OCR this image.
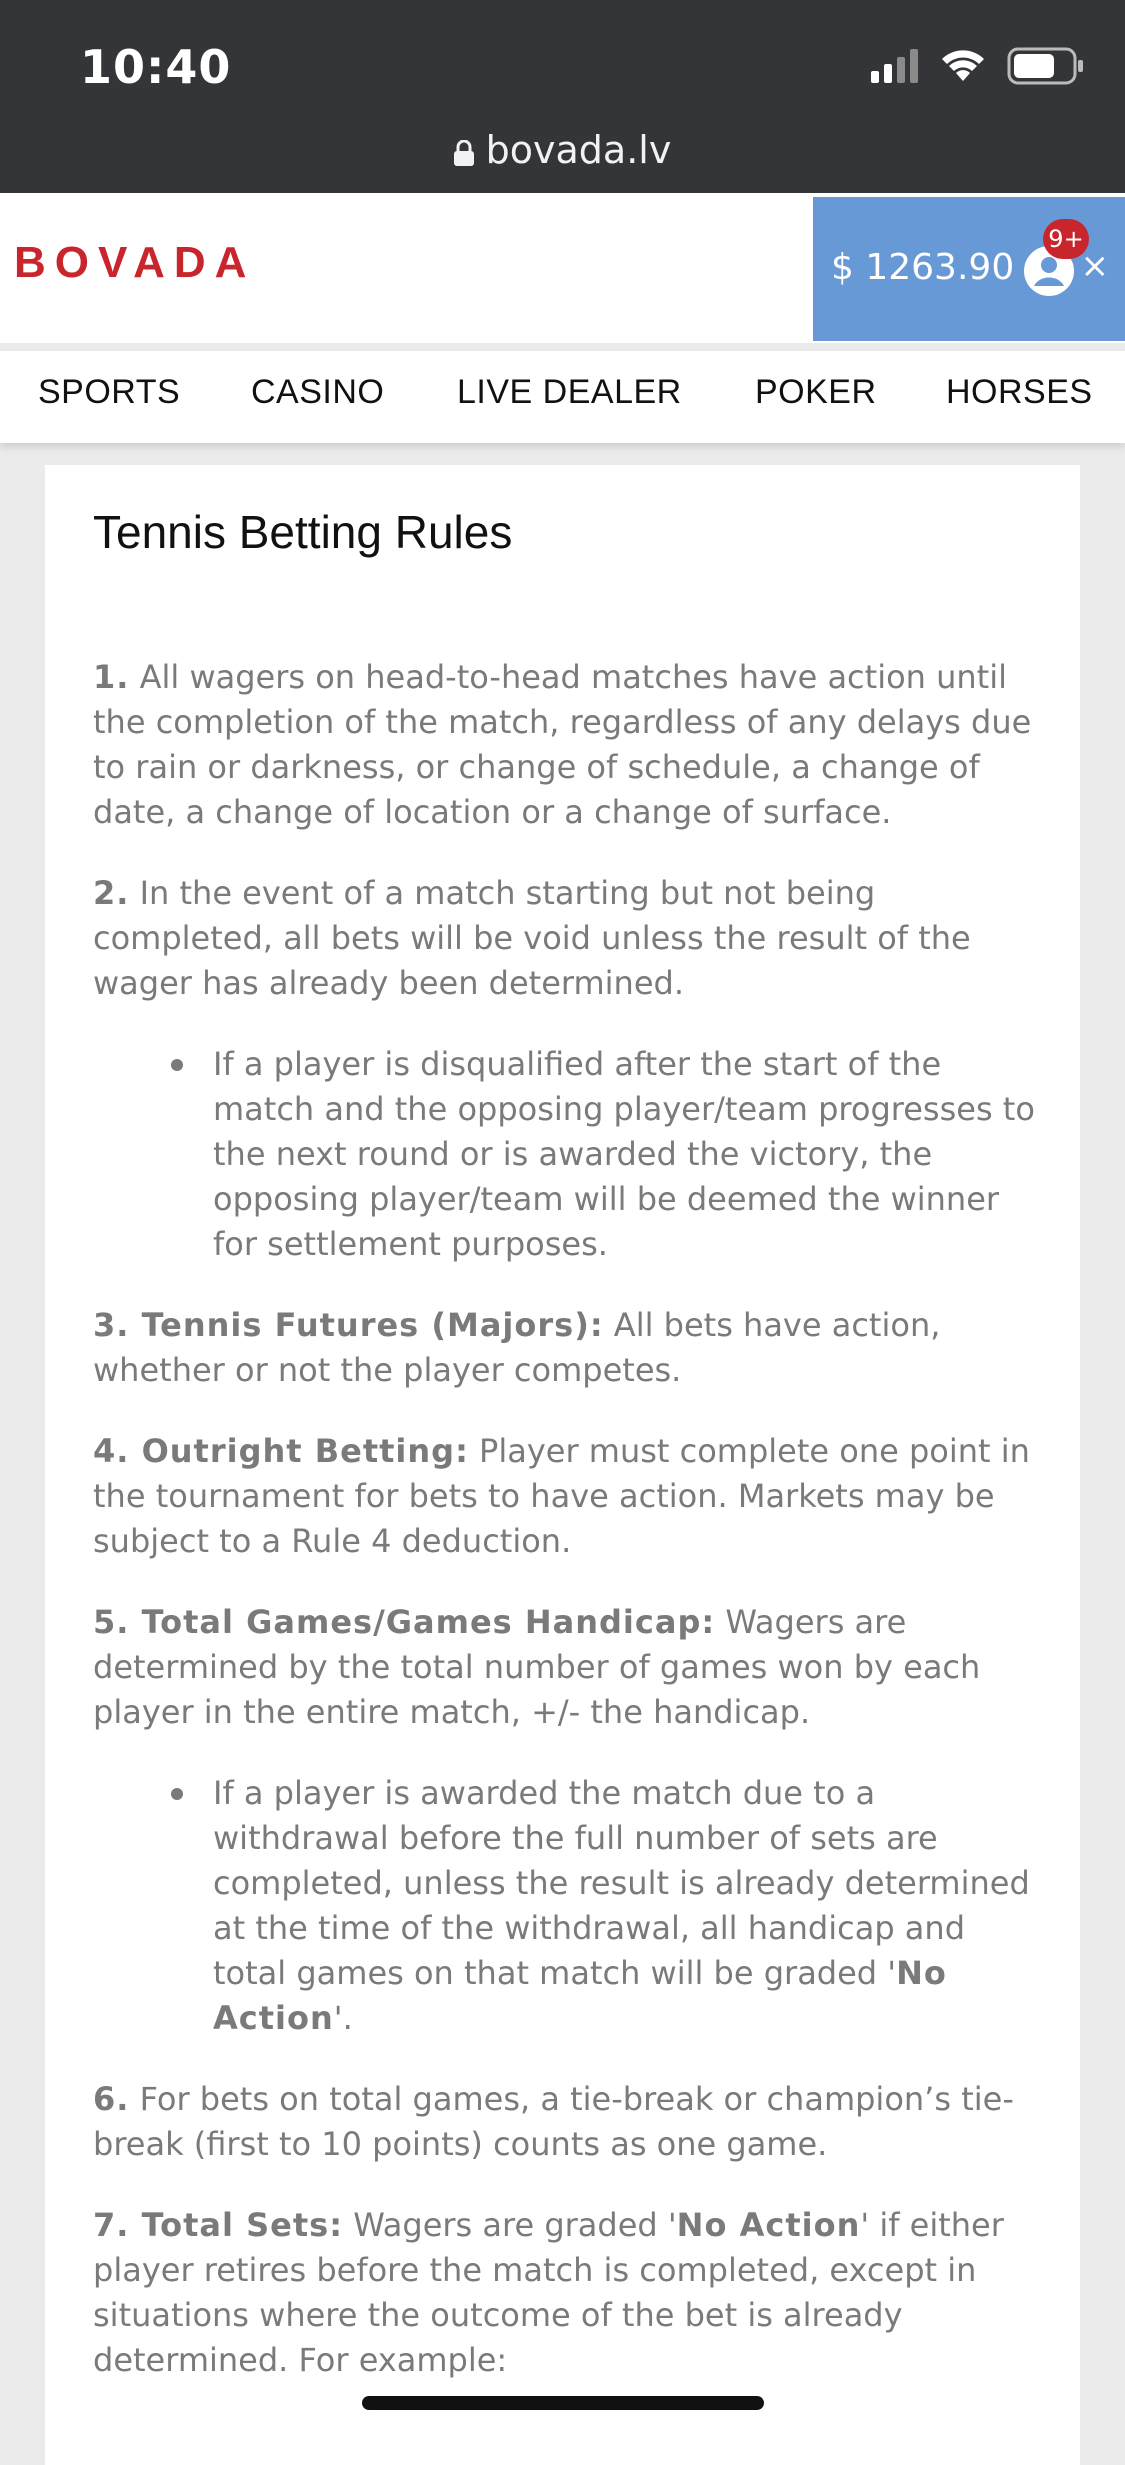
10:40
bovada.lv
BOVADA	$ 1263.90
9+
×
SPORTS CASINO LIVE DEALER POKER HORSES
Tennis Betting Rules

1. All wagers on head-to-head matches have action until the completion of the match, regardless of any delays due to rain or darkness, or change of schedule, a change of date, a change of location or a change of surface.

2. In the event of a match starting but not being completed, all bets will be void unless the result of the wager has already been determined.

If a player is disqualified after the start of the match and the opposing player/team progresses to the next round or is awarded the victory, the opposing player/team will be deemed the winner for settlement purposes.

3. Tennis Futures (Majors): All bets have action, whether or not the player competes.

4. Outright Betting: Player must complete one point in the tournament for bets to have action. Markets may be subject to a Rule 4 deduction.

5. Total Games/Games Handicap: Wagers are determined by the total number of games won by each player in the entire match, +/- the handicap.

If a player is awarded the match due to a withdrawal before the full number of sets are completed, unless the result is already determined at the time of the withdrawal, all handicap and total games on that match will be graded 'No Action'.

6. For bets on total games, a tie-break or champion’s tie-break (first to 10 points) counts as one game.

7. Total Sets: Wagers are graded 'No Action' if either player retires before the match is completed, except in situations where the outcome of the bet is already determined. For example:
